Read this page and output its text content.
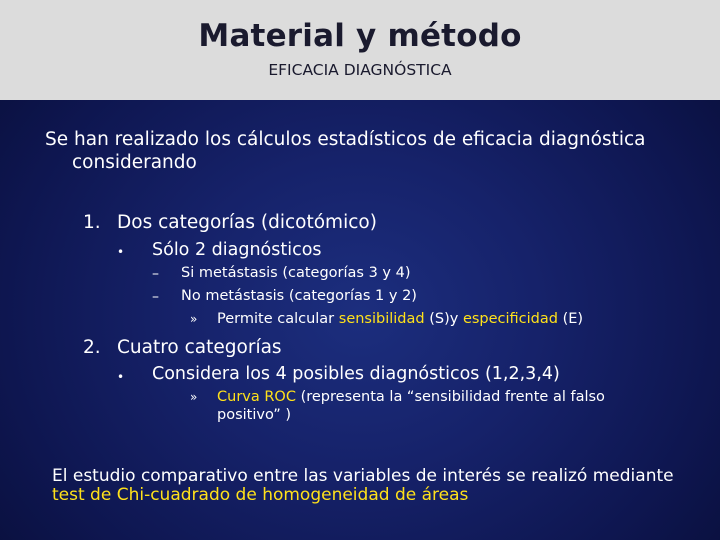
Material y método
EFICACIA DIAGNÓSTICA
Se han realizado los cálculos estadísticos de eficacia diagnóstica
considerando
1. Dos categorías (dicotómico)
• Sólo 2 diagnósticos
– Si metástasis (categorías 3 y 4)
– No metástasis (categorías 1 y 2)
» Permite calcular sensibilidad (S)y especificidad (E)
2. Cuatro categorías
• Considera los 4 posibles diagnósticos (1,2,3,4)
» Curva ROC (representa la “sensibilidad frente al falso
positivo” )
El estudio comparativo entre las variables de interés se realizó mediante
test de Chi-cuadrado de homogeneidad de áreas
